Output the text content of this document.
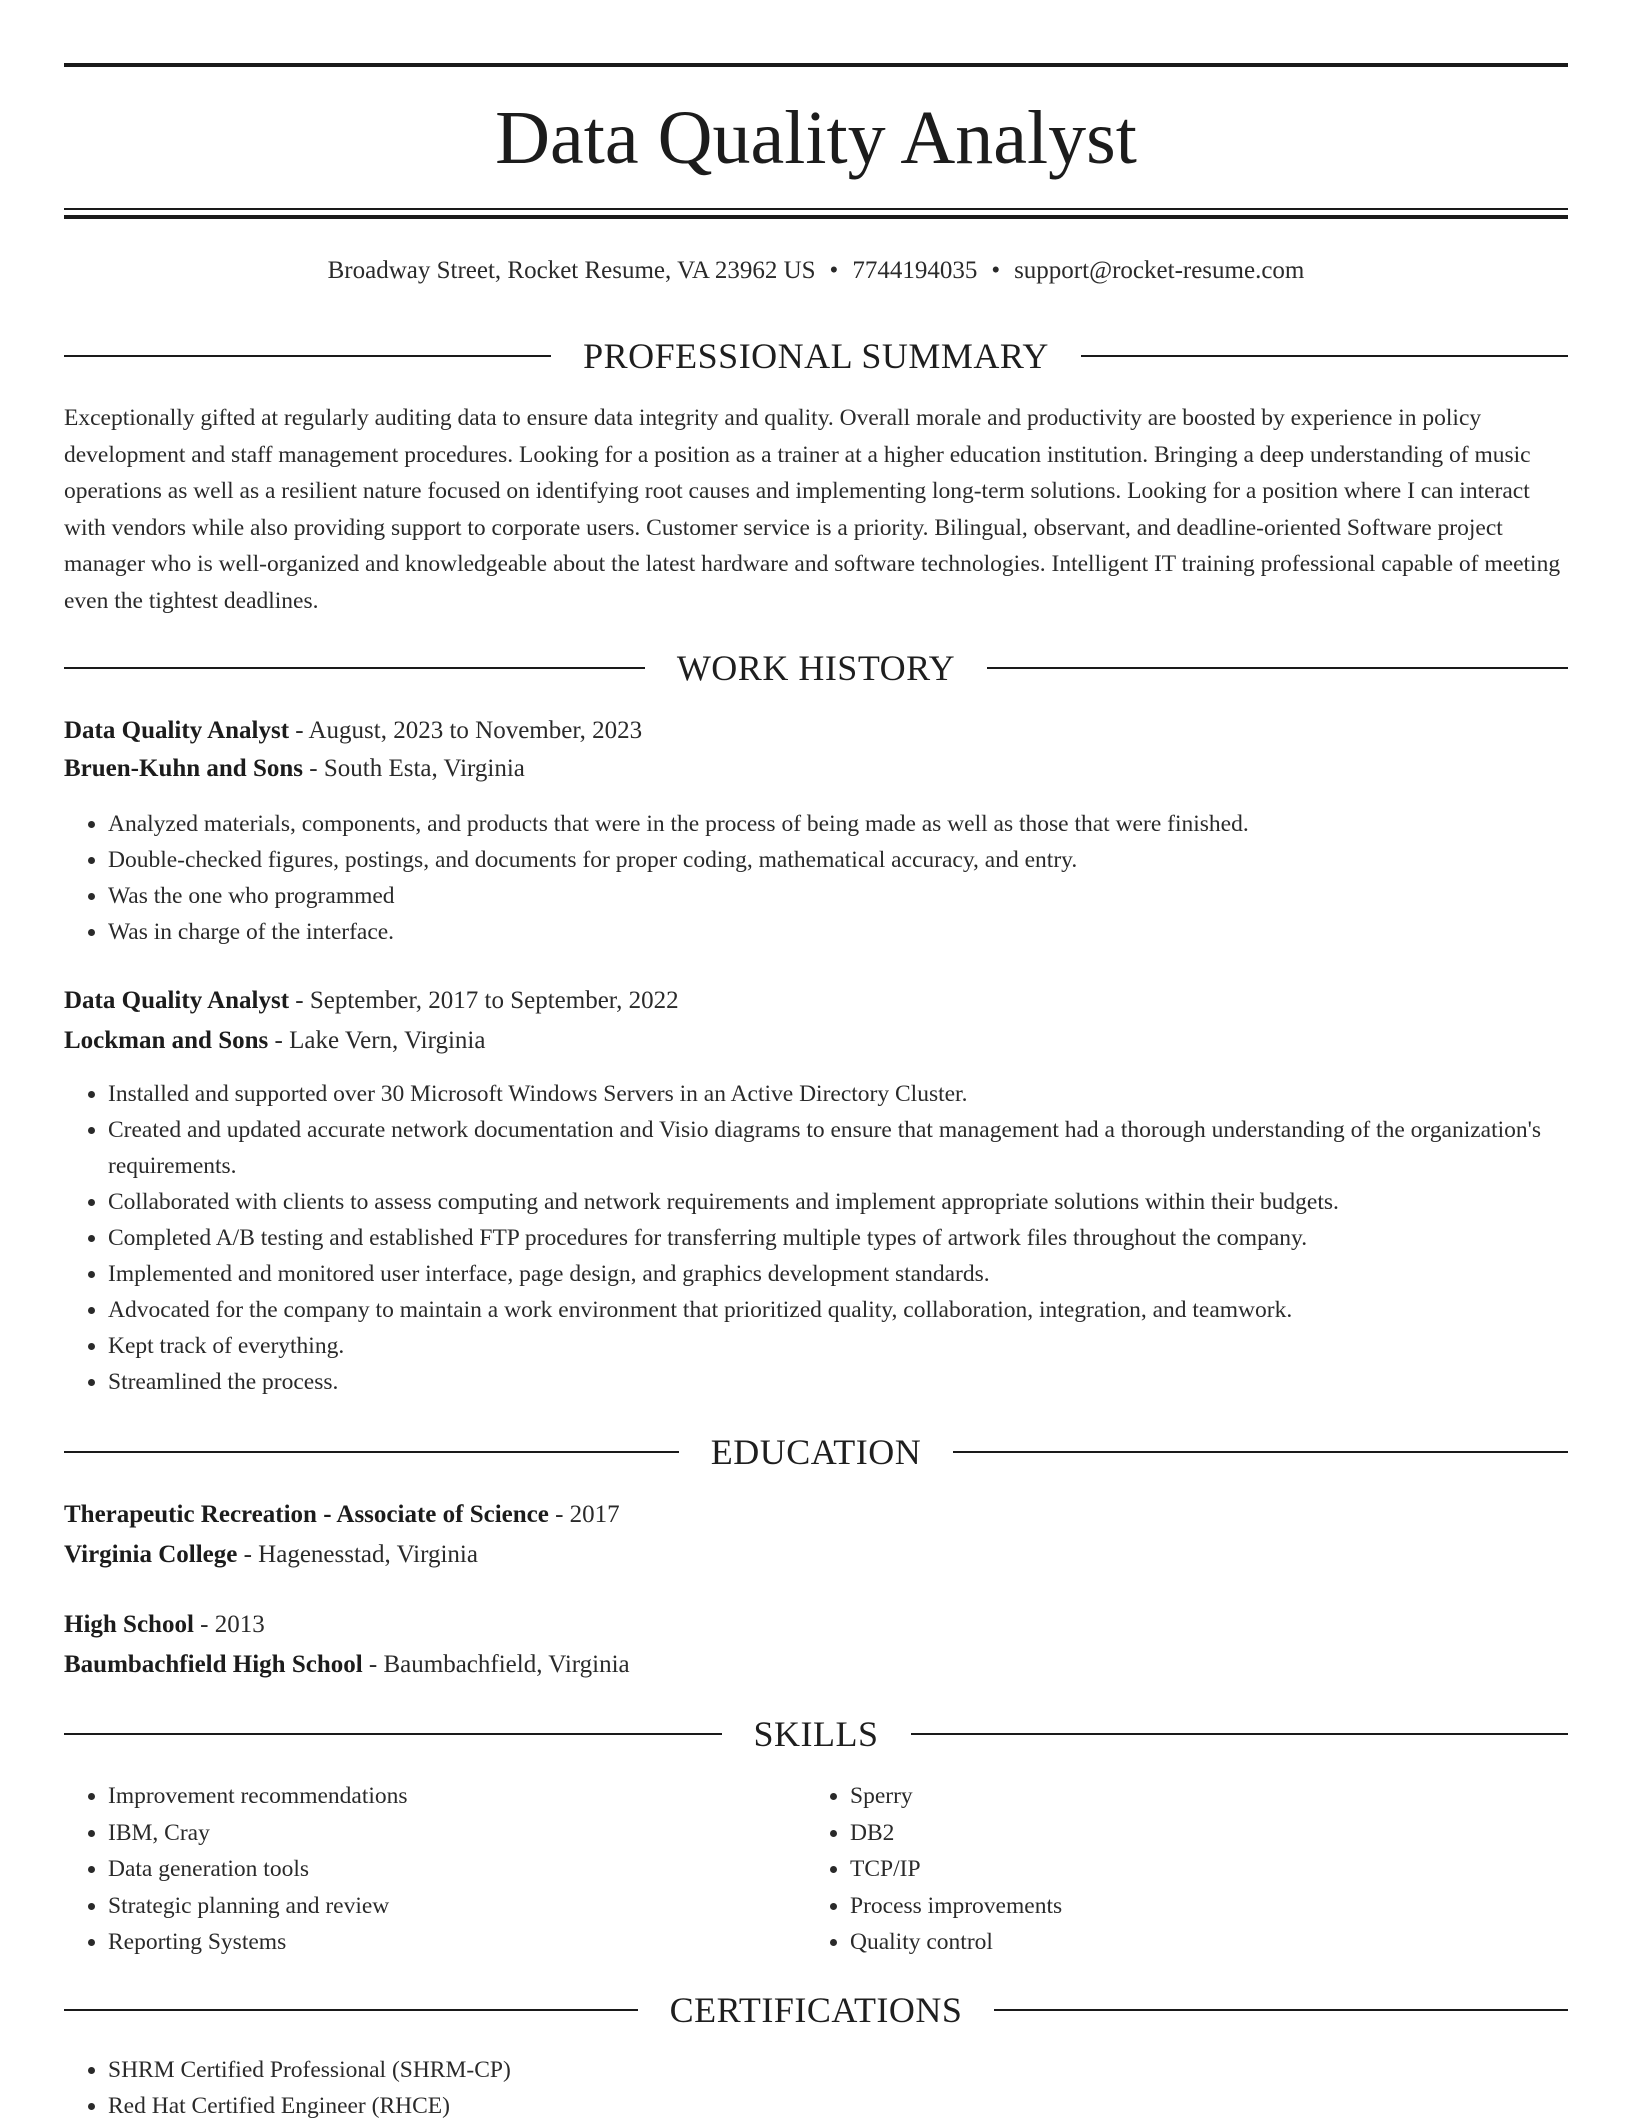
Data Quality Analyst
Broadway Street, Rocket Resume, VA 23962 US • 7744194035 • support@rocket-resume.com
PROFESSIONAL SUMMARY

Exceptionally gifted at regularly auditing data to ensure data integrity and quality. Overall morale and productivity are boosted by experience in policy development and staff management procedures. Looking for a position as a trainer at a higher education institution. Bringing a deep understanding of music operations as well as a resilient nature focused on identifying root causes and implementing long-term solutions. Looking for a position where I can interact with vendors while also providing support to corporate users. Customer service is a priority. Bilingual, observant, and deadline-oriented Software project manager who is well-organized and knowledgeable about the latest hardware and software technologies. Intelligent IT training professional capable of meeting even the tightest deadlines.

WORK HISTORY
Data Quality Analyst - August, 2023 to November, 2023
Bruen-Kuhn and Sons - South Esta, Virginia
• Analyzed materials, components, and products that were in the process of being made as well as those that were finished.
• Double-checked figures, postings, and documents for proper coding, mathematical accuracy, and entry.
• Was the one who programmed
• Was in charge of the interface.
Data Quality Analyst - September, 2017 to September, 2022
Lockman and Sons - Lake Vern, Virginia
• Installed and supported over 30 Microsoft Windows Servers in an Active Directory Cluster.
• Created and updated accurate network documentation and Visio diagrams to ensure that management had a thorough understanding of the organization's requirements.
• Collaborated with clients to assess computing and network requirements and implement appropriate solutions within their budgets.
• Completed A/B testing and established FTP procedures for transferring multiple types of artwork files throughout the company.
• Implemented and monitored user interface, page design, and graphics development standards.
• Advocated for the company to maintain a work environment that prioritized quality, collaboration, integration, and teamwork.
• Kept track of everything.
• Streamlined the process.
EDUCATION
Therapeutic Recreation - Associate of Science - 2017
Virginia College - Hagenesstad, Virginia
High School - 2013
Baumbachfield High School - Baumbachfield, Virginia
SKILLS
• Improvement recommendations
• IBM, Cray
• Data generation tools
• Strategic planning and review
• Reporting Systems
• Sperry
• DB2
• TCP/IP
• Process improvements
• Quality control
CERTIFICATIONS
• SHRM Certified Professional (SHRM-CP)
• Red Hat Certified Engineer (RHCE)
